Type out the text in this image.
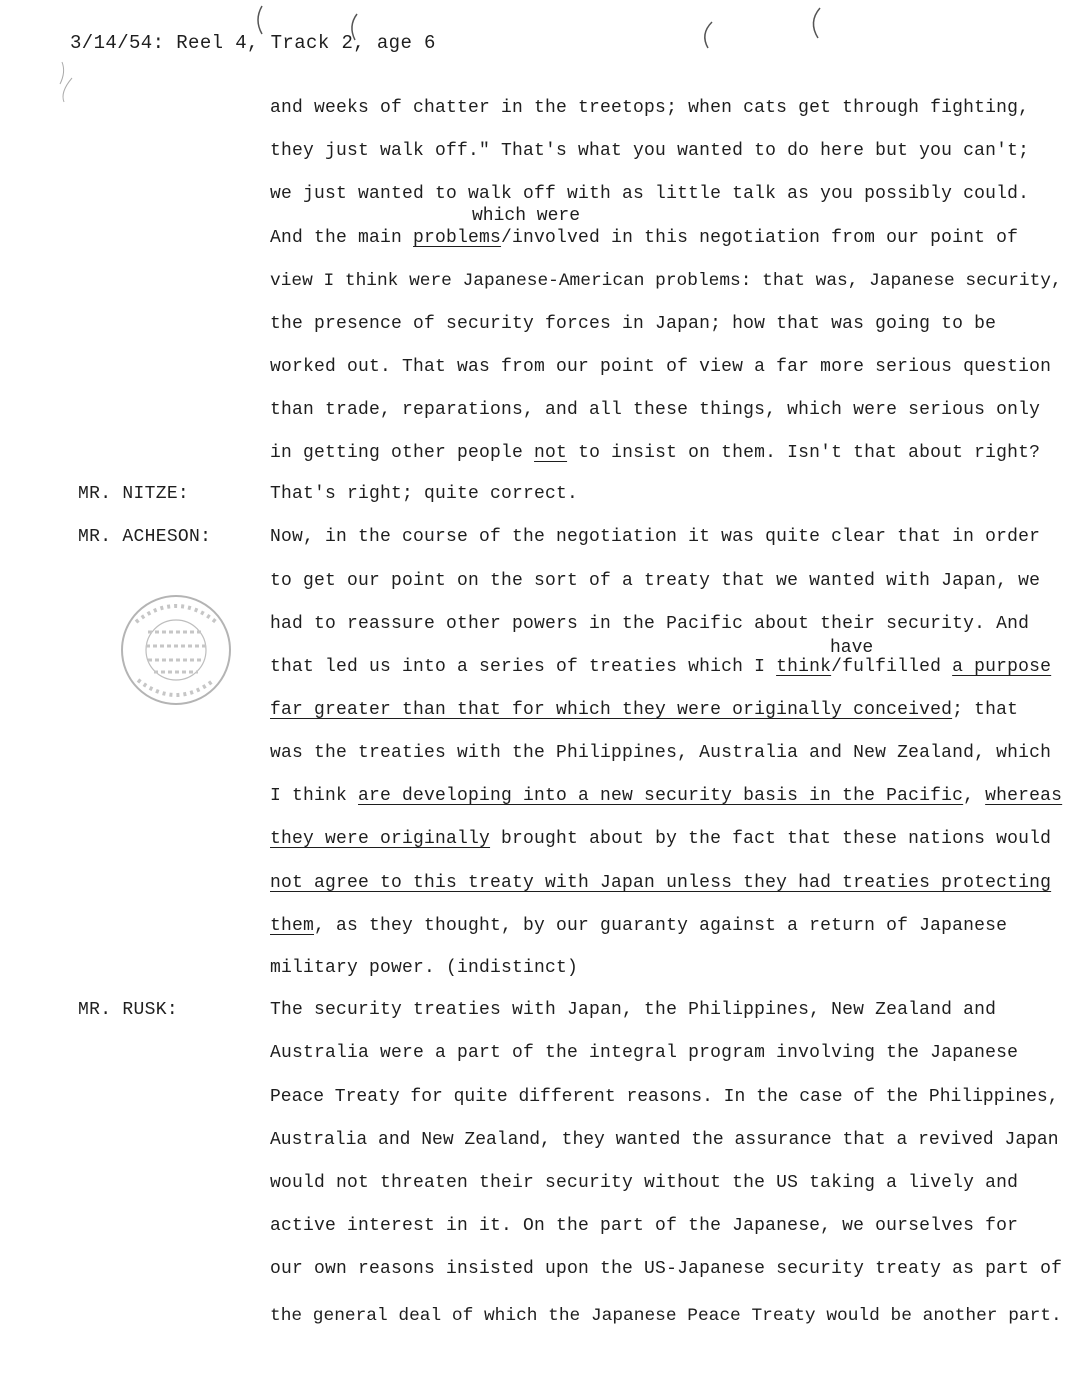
3/14/54: Reel 4, Track 2, age 6
which were
have
MR. NITZE:
MR. ACHESON:
MR. RUSK:
and weeks of chatter in the treetops; when cats get through fighting,
they just walk off." That's what you wanted to do here but you can't;
we just wanted to walk off with as little talk as you possibly could.
And the main problems/involved in this negotiation from our point of
view I think were Japanese-American problems: that was, Japanese security,
the presence of security forces in Japan; how that was going to be
worked out. That was from our point of view a far more serious question
than trade, reparations, and all these things, which were serious only
in getting other people not to insist on them. Isn't that about right?
That's right; quite correct.
Now, in the course of the negotiation it was quite clear that in order
to get our point on the sort of a treaty that we wanted with Japan, we
had to reassure other powers in the Pacific about their security. And
that led us into a series of treaties which I think/fulfilled a purpose
far greater than that for which they were originally conceived; that
was the treaties with the Philippines, Australia and New Zealand, which
I think are developing into a new security basis in the Pacific, whereas
they were originally brought about by the fact that these nations would
not agree to this treaty with Japan unless they had treaties protecting
them, as they thought, by our guaranty against a return of Japanese
military power. (indistinct)
The security treaties with Japan, the Philippines, New Zealand and
Australia were a part of the integral program involving the Japanese
Peace Treaty for quite different reasons. In the case of the Philippines,
Australia and New Zealand, they wanted the assurance that a revived Japan
would not threaten their security without the US taking a lively and
active interest in it. On the part of the Japanese, we ourselves for
our own reasons insisted upon the US-Japanese security treaty as part of
the general deal of which the Japanese Peace Treaty would be another part.
